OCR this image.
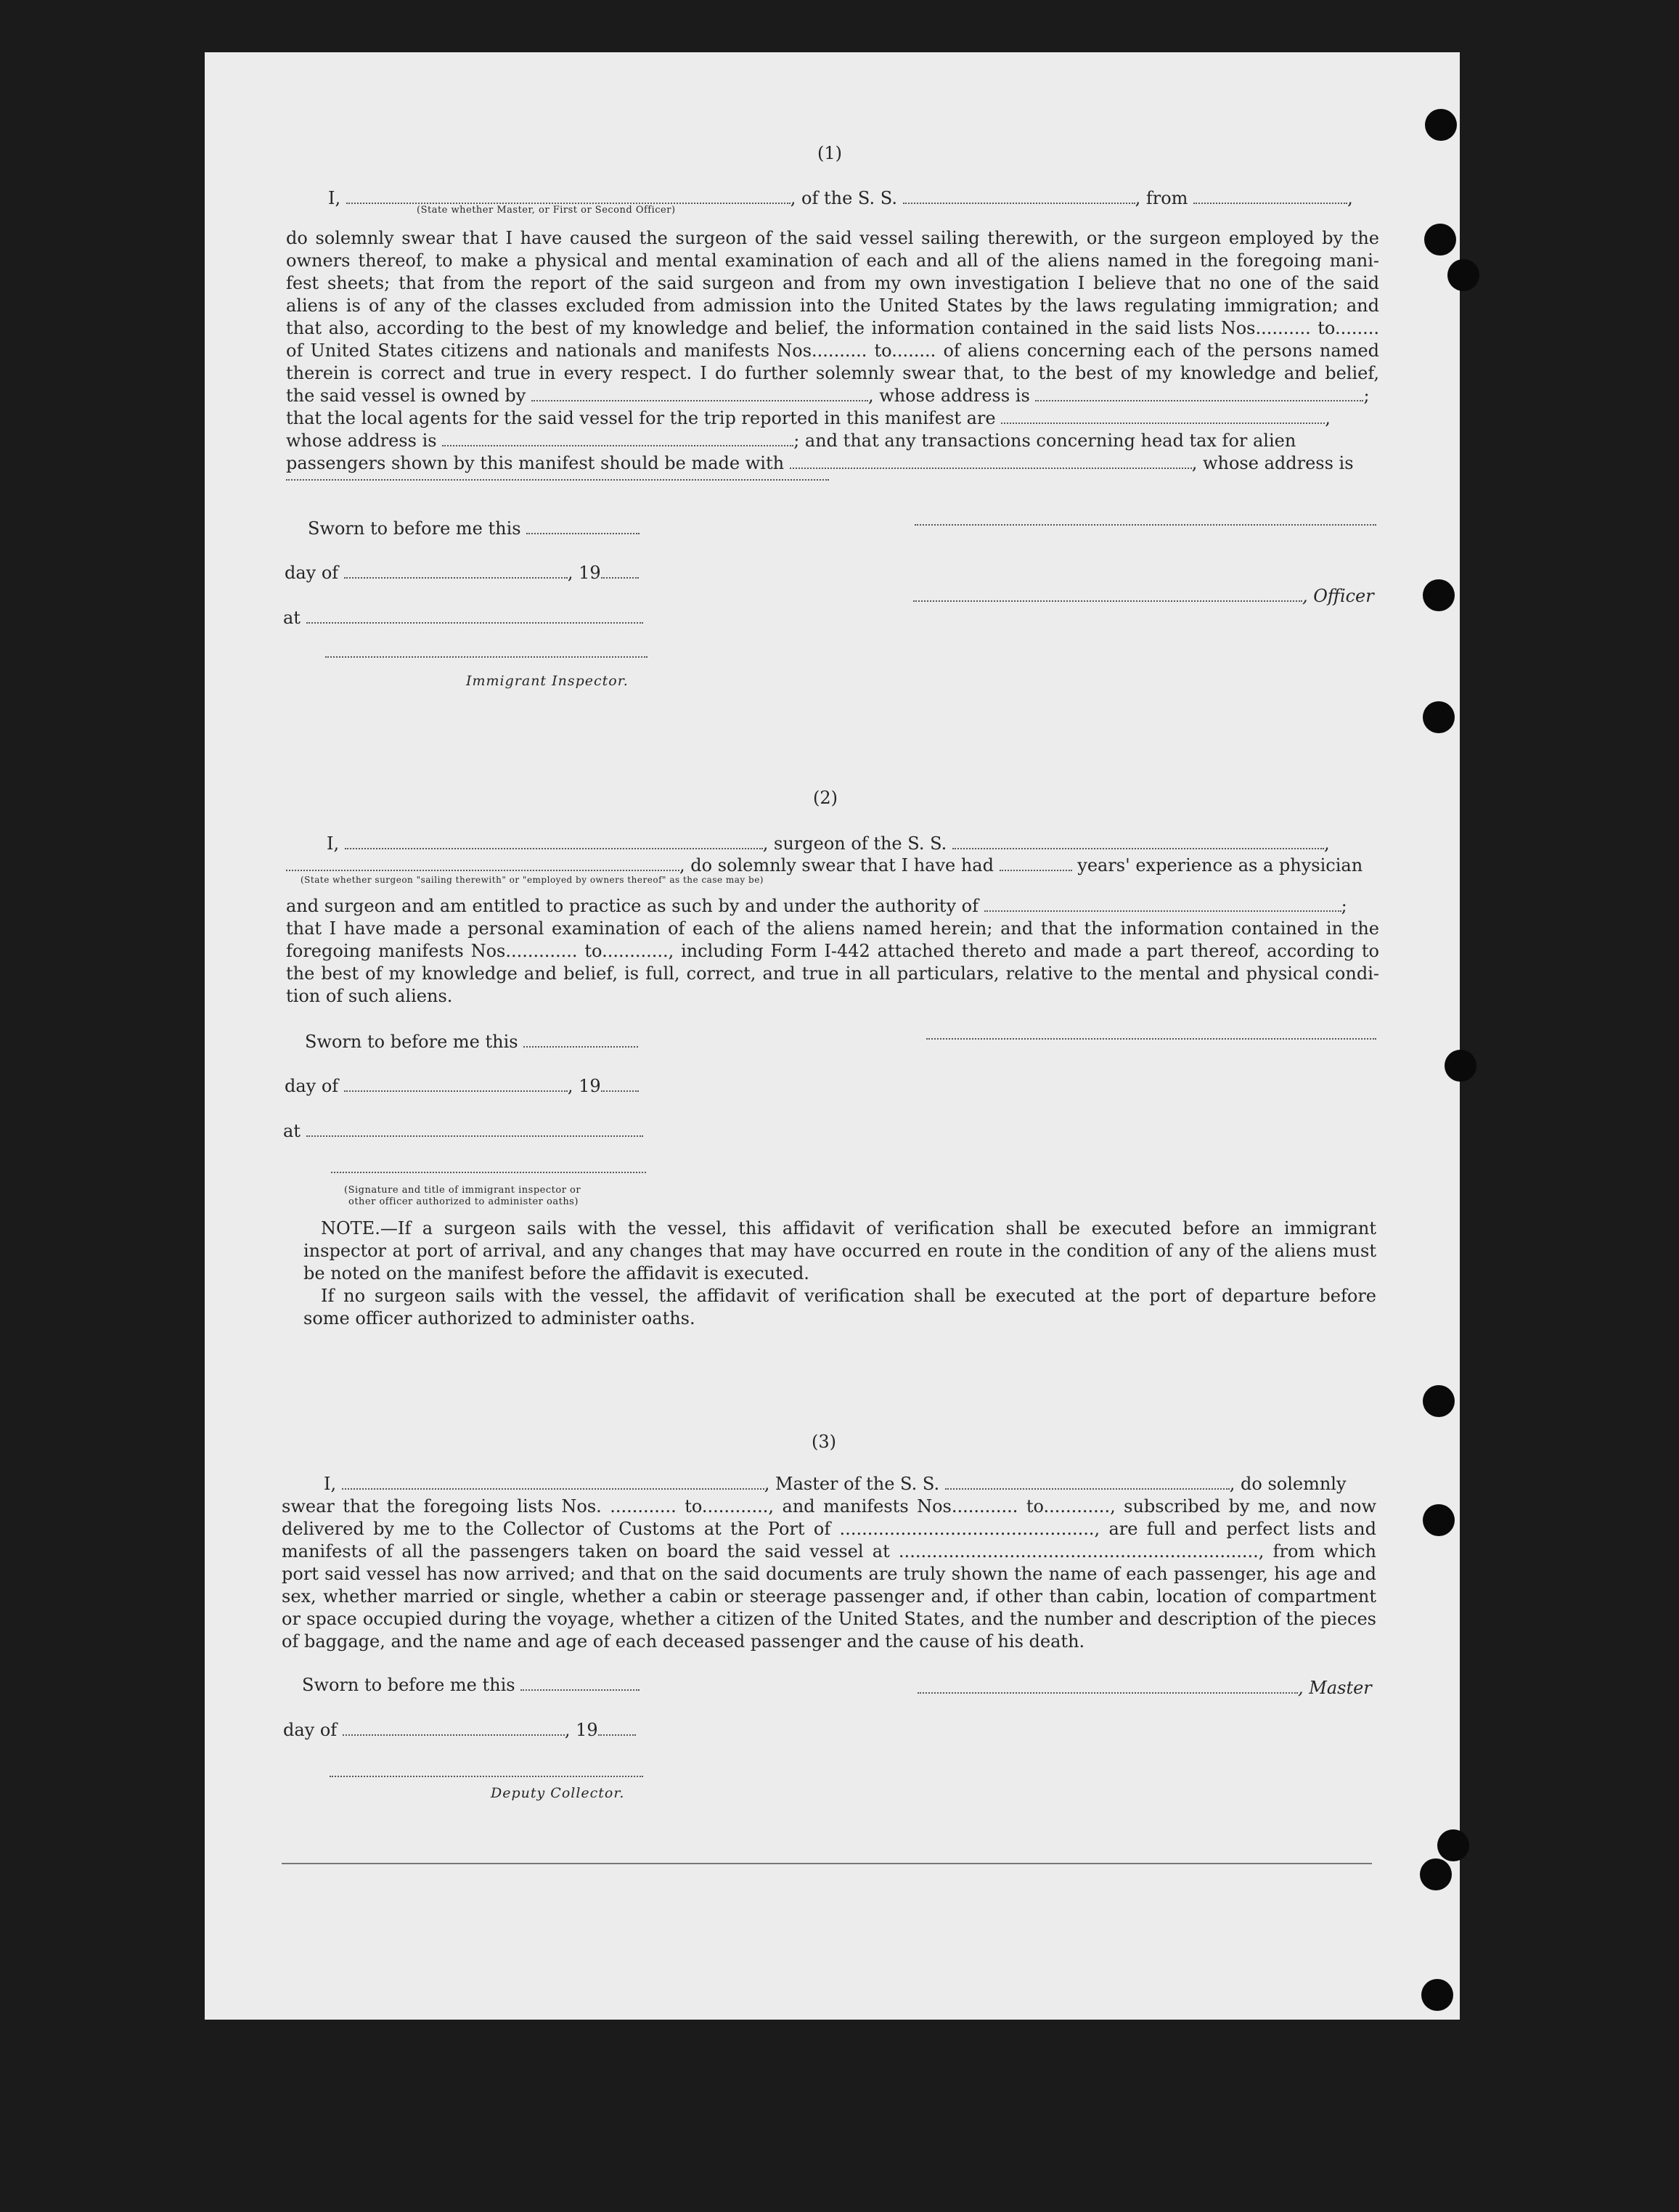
(1)
I,	, of the S. S.	, from	,
(State whether Master, or First or Second Officer)
do solemnly swear that I have caused the surgeon of the said vessel sailing therewith, or the surgeon employed by the
owners thereof, to make a physical and mental examination of each and all of the aliens named in the foregoing mani-
fest sheets; that from the report of the said surgeon and from my own investigation I believe that no one of the said
aliens is of any of the classes excluded from admission into the United States by the laws regulating immigration; and
that also, according to the best of my knowledge and belief, the information contained in the said lists Nos.......... to........
of United States citizens and nationals and manifests Nos.......... to........ of aliens concerning each of the persons named
therein is correct and true in every respect. I do further solemnly swear that, to the best of my knowledge and belief,
the said vessel is owned by	, whose address is	;
that the local agents for the said vessel for the trip reported in this manifest are	,
whose address is	; and that any transactions concerning head tax for alien
passengers shown by this manifest should be made with	, whose address is
Sworn to before me this
day of	, 19
, Officer
at
Immigrant Inspector.
(2)
I,	, surgeon of the S. S.	,
, do solemnly swear that I have had	years' experience as a physician
(State whether surgeon "sailing therewith" or "employed by owners thereof" as the case may be)
and surgeon and am entitled to practice as such by and under the authority of	;
that I have made a personal examination of each of the aliens named herein; and that the information contained in the
foregoing manifests Nos............. to............, including Form I-442 attached thereto and made a part thereof, according to
the best of my knowledge and belief, is full, correct, and true in all particulars, relative to the mental and physical condi-
tion of such aliens.
Sworn to before me this
day of	, 19
at
(Signature and title of immigrant inspector or
other officer authorized to administer oaths)
NOTE.—If a surgeon sails with the vessel, this affidavit of verification shall be executed before an immigrant
inspector at port of arrival, and any changes that may have occurred en route in the condition of any of the aliens must
be noted on the manifest before the affidavit is executed.
If no surgeon sails with the vessel, the affidavit of verification shall be executed at the port of departure before
some officer authorized to administer oaths.
(3)
I,	, Master of the S. S.	, do solemnly
swear that the foregoing lists Nos. ............ to............, and manifests Nos............ to............, subscribed by me, and now
delivered by me to the Collector of Customs at the Port of .............................................., are full and perfect lists and
manifests of all the passengers taken on board the said vessel at ................................................................., from which
port said vessel has now arrived; and that on the said documents are truly shown the name of each passenger, his age and
sex, whether married or single, whether a cabin or steerage passenger and, if other than cabin, location of compartment
or space occupied during the voyage, whether a citizen of the United States, and the number and description of the pieces
of baggage, and the name and age of each deceased passenger and the cause of his death.
Sworn to before me this	, Master
day of	, 19
Deputy Collector.
